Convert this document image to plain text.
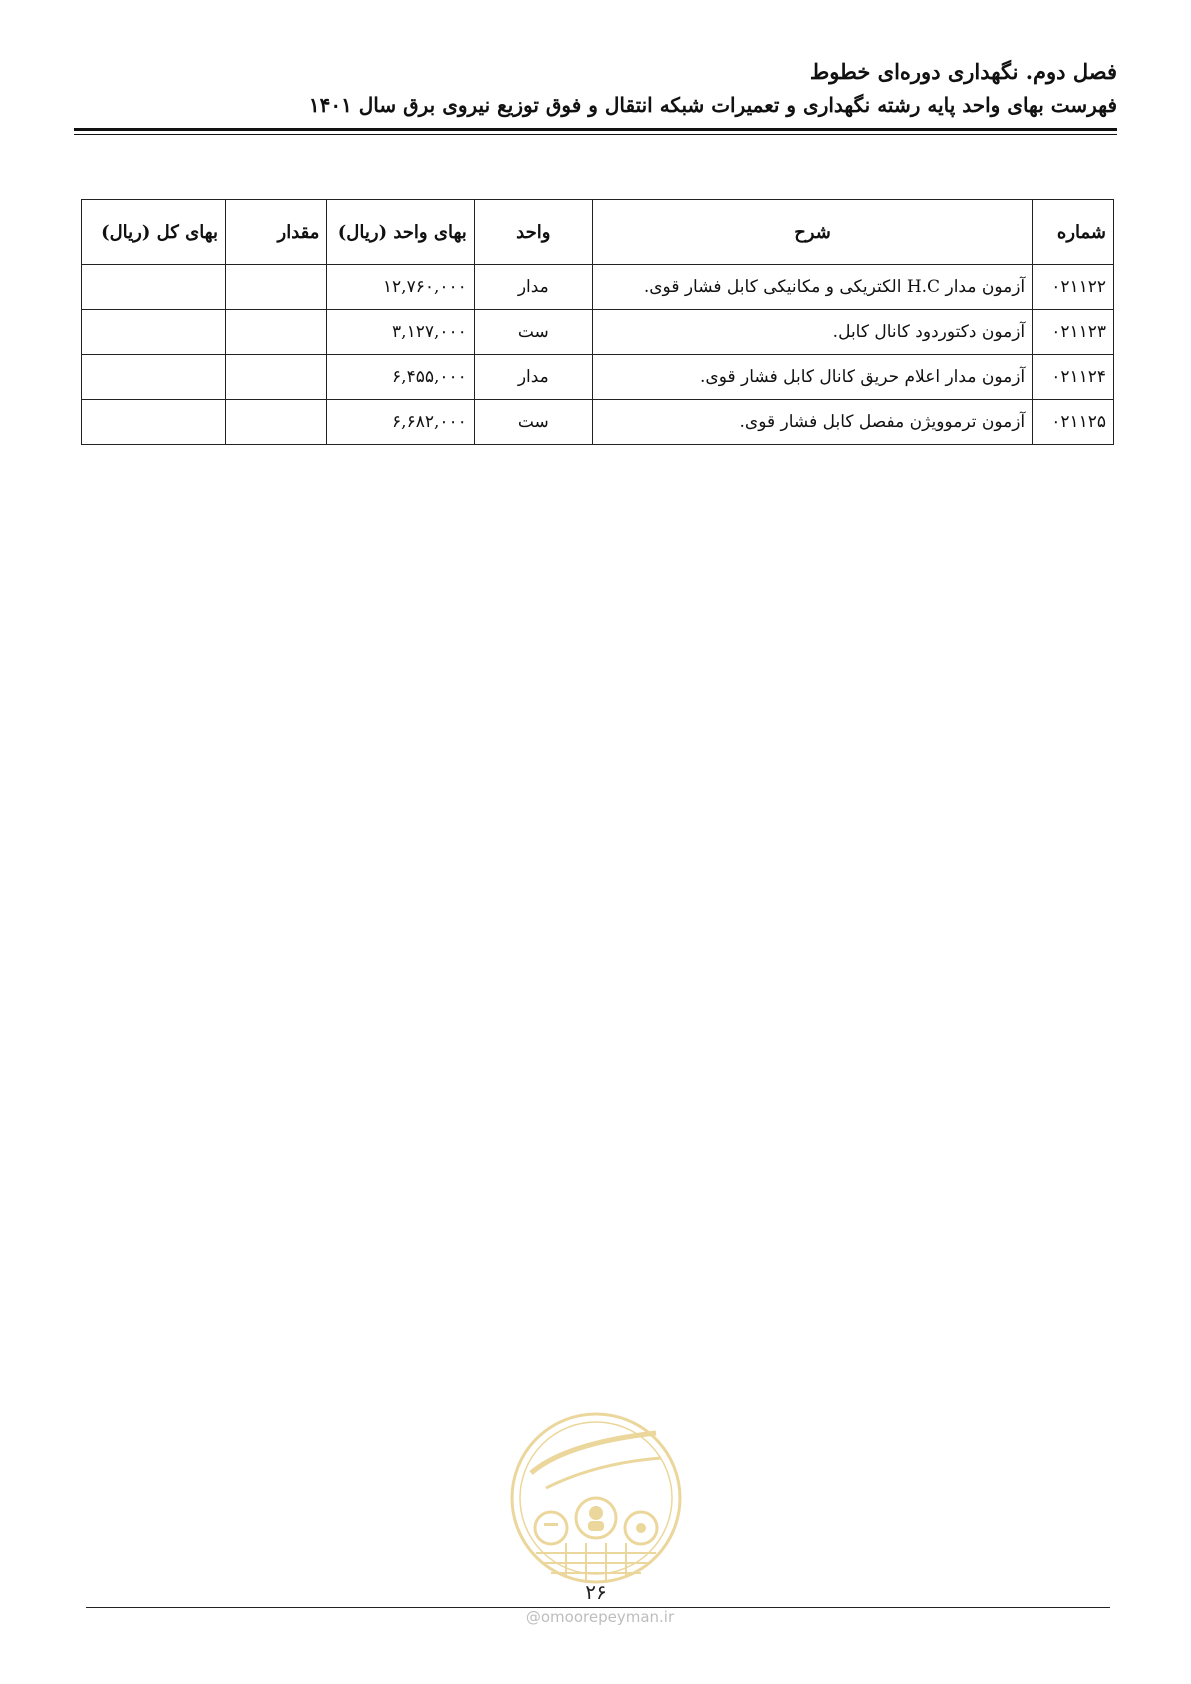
فصل دوم. نگهداری دوره‌ای خطوط
فهرست بهای واحد پایه رشته نگهداری و تعمیرات شبکه انتقال و فوق توزیع نیروی برق سال ۱۴۰۱
شماره	شرح	واحد	بهای واحد (ریال)	مقدار	بهای کل (ریال)
۰۲۱۱۲۲	آزمون مدار H.C الکتریکی و مکانیکی کابل فشار قوی.	مدار	۱۲,۷۶۰,۰۰۰		
۰۲۱۱۲۳	آزمون دکتوردود کانال کابل.	ست	۳,۱۲۷,۰۰۰		
۰۲۱۱۲۴	آزمون مدار اعلام حریق کانال کابل فشار قوی.	مدار	۶,۴۵۵,۰۰۰		
۰۲۱۱۲۵	آزمون ترموویژن مفصل کابل فشار قوی.	ست	۶,۶۸۲,۰۰۰		
۲۶
@omoorepeyman.ir
